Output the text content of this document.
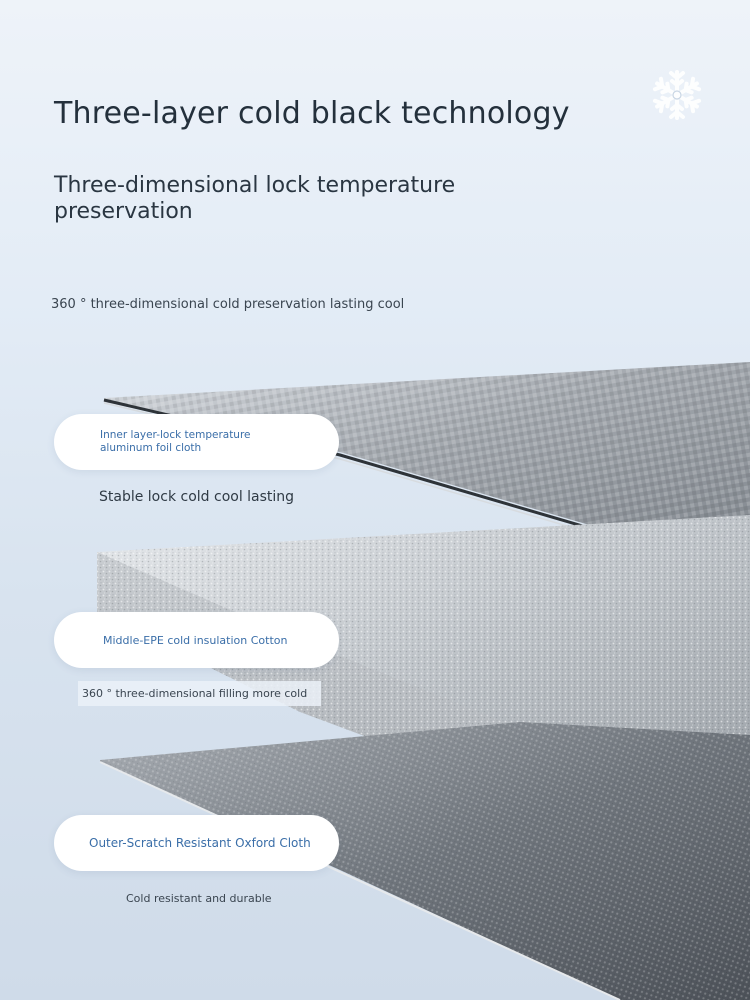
Three-layer cold black technology

Three-dimensional lock temperature preservation

360 ° three-dimensional cold preservation lasting cool
Inner layer-lock temperature aluminum foil cloth
Stable lock cold cool lasting
Middle-EPE cold insulation Cotton
360 ° three-dimensional filling more cold
Outer-Scratch Resistant Oxford Cloth
Cold resistant and durable
